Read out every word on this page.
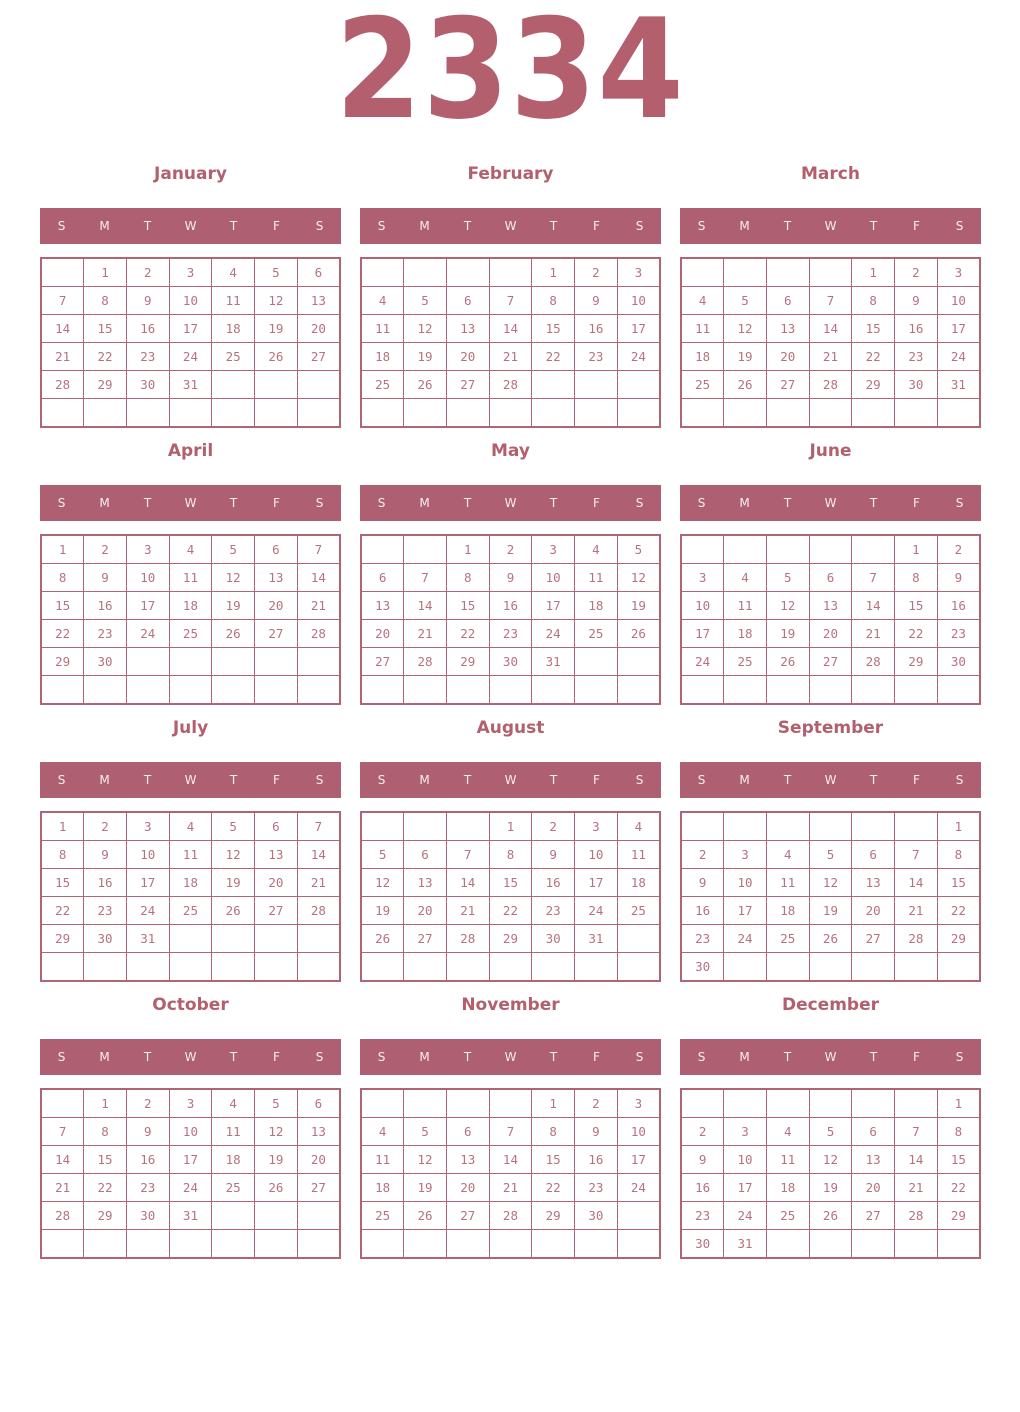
2334
January
S	M	T	W	T	F	S
	1	2	3	4	5	6
7	8	9	10	11	12	13
14	15	16	17	18	19	20
21	22	23	24	25	26	27
28	29	30	31			

February
S	M	T	W	T	F	S
				1	2	3
4	5	6	7	8	9	10
11	12	13	14	15	16	17
18	19	20	21	22	23	24
25	26	27	28			

March
S	M	T	W	T	F	S
				1	2	3
4	5	6	7	8	9	10
11	12	13	14	15	16	17
18	19	20	21	22	23	24
25	26	27	28	29	30	31

April
S	M	T	W	T	F	S
1	2	3	4	5	6	7
8	9	10	11	12	13	14
15	16	17	18	19	20	21
22	23	24	25	26	27	28
29	30					

May
S	M	T	W	T	F	S
		1	2	3	4	5
6	7	8	9	10	11	12
13	14	15	16	17	18	19
20	21	22	23	24	25	26
27	28	29	30	31		

June
S	M	T	W	T	F	S
					1	2
3	4	5	6	7	8	9
10	11	12	13	14	15	16
17	18	19	20	21	22	23
24	25	26	27	28	29	30

July
S	M	T	W	T	F	S
1	2	3	4	5	6	7
8	9	10	11	12	13	14
15	16	17	18	19	20	21
22	23	24	25	26	27	28
29	30	31				

August
S	M	T	W	T	F	S
			1	2	3	4
5	6	7	8	9	10	11
12	13	14	15	16	17	18
19	20	21	22	23	24	25
26	27	28	29	30	31	

September
S	M	T	W	T	F	S
						1
2	3	4	5	6	7	8
9	10	11	12	13	14	15
16	17	18	19	20	21	22
23	24	25	26	27	28	29
30						
October
S	M	T	W	T	F	S
	1	2	3	4	5	6
7	8	9	10	11	12	13
14	15	16	17	18	19	20
21	22	23	24	25	26	27
28	29	30	31			

November
S	M	T	W	T	F	S
				1	2	3
4	5	6	7	8	9	10
11	12	13	14	15	16	17
18	19	20	21	22	23	24
25	26	27	28	29	30	

December
S	M	T	W	T	F	S
						1
2	3	4	5	6	7	8
9	10	11	12	13	14	15
16	17	18	19	20	21	22
23	24	25	26	27	28	29
30	31					
